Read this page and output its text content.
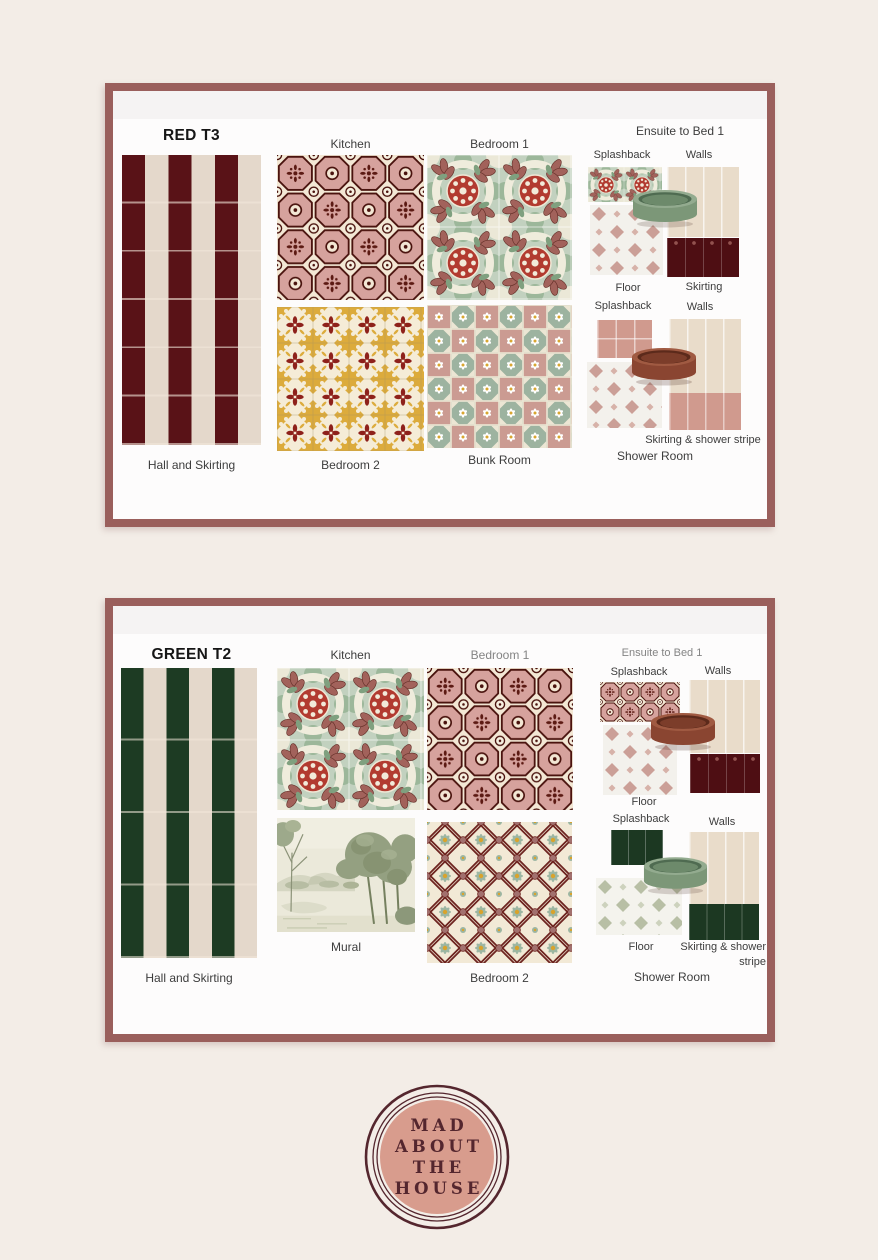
RED T3
Hall and Skirting
Kitchen
Bedroom 2
Bedroom 1
Bunk Room
Ensuite to Bed 1
Splashback	Walls
Floor	Skirting
Splashback	Walls
Skirting & shower stripe
Shower Room
GREEN T2
Hall and Skirting
Kitchen
Mural
Bedroom 1
Bedroom 2
Ensuite to Bed 1
Splashback	Walls
Floor
Splashback	Walls
Floor	Skirting & shower
stripe
Shower Room
MAD
ABOUT
THE
HOUSE
